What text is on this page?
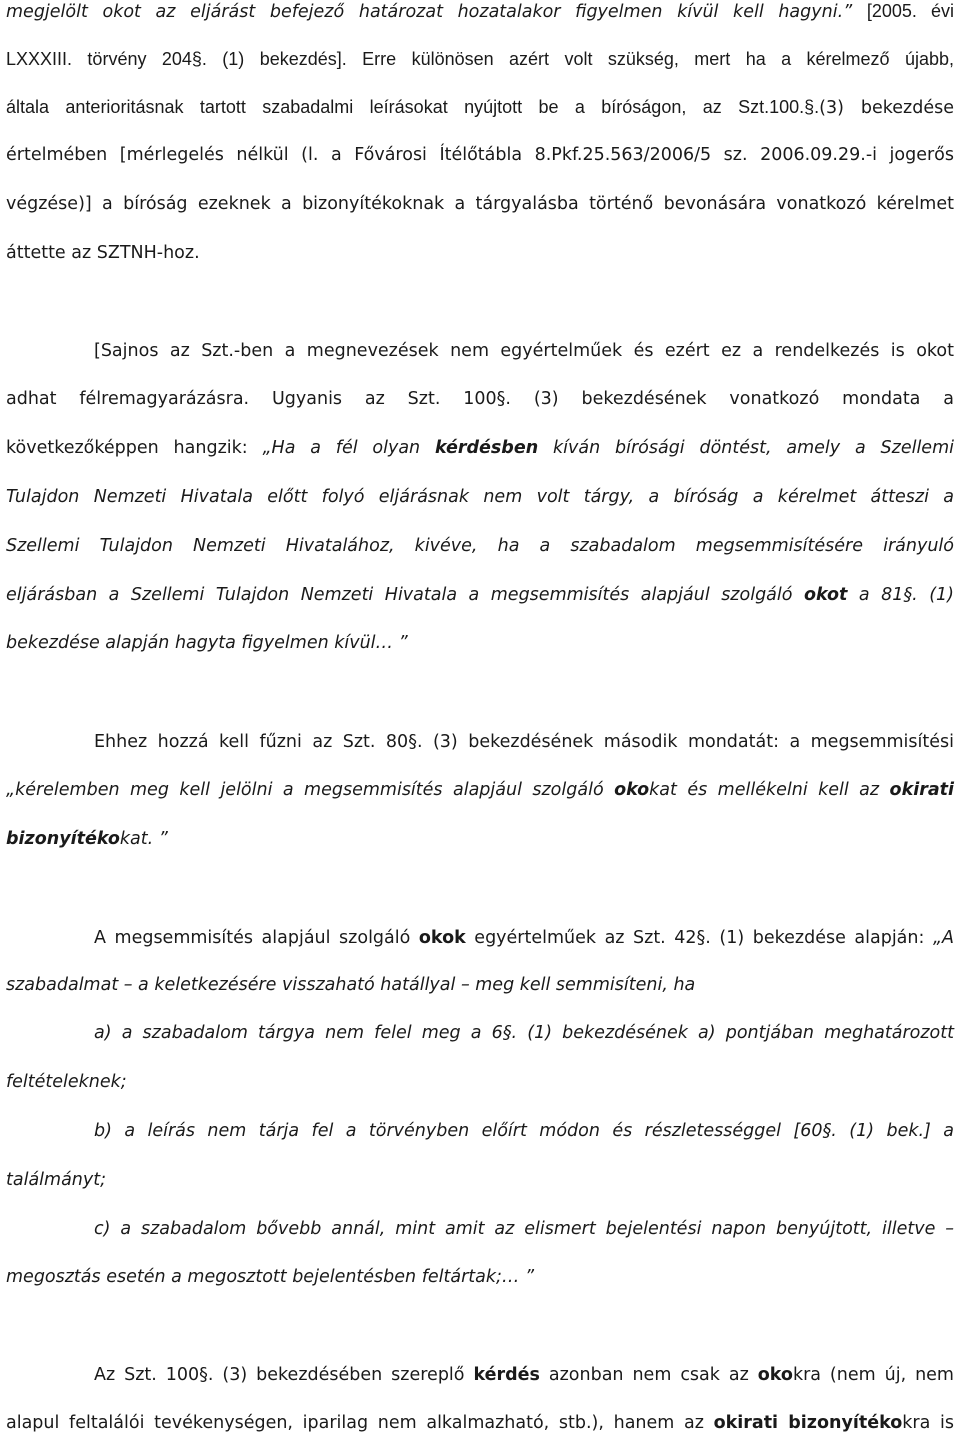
megjelölt okot az eljárást befejező határozat hozatalakor figyelmen kívül kell hagyni.” [2005. évi
LXXXIII. törvény 204§. (1) bekezdés]. Erre különösen azért volt szükség, mert ha a kérelmező újabb,
általa anterioritásnak tartott szabadalmi leírásokat nyújtott be a bíróságon, az Szt.100.§.(3) bekezdése
értelmében [mérlegelés nélkül (l. a Fővárosi Ítélőtábla 8.Pkf.25.563/2006/5 sz. 2006.09.29.-i jogerős
végzése)] a bíróság ezeknek a bizonyítékoknak a tárgyalásba történő bevonására vonatkozó kérelmet
áttette az SZTNH-hoz.
[Sajnos az Szt.-ben a megnevezések nem egyértelműek és ezért ez a rendelkezés is okot
adhat félremagyarázásra. Ugyanis az Szt. 100§. (3) bekezdésének vonatkozó mondata a
következőképpen hangzik: „Ha a fél olyan kérdésben kíván bírósági döntést, amely a Szellemi
Tulajdon Nemzeti Hivatala előtt folyó eljárásnak nem volt tárgy, a bíróság a kérelmet átteszi a
Szellemi Tulajdon Nemzeti Hivatalához, kivéve, ha a szabadalom megsemmisítésére irányuló
eljárásban a Szellemi Tulajdon Nemzeti Hivatala a megsemmisítés alapjául szolgáló okot a 81§. (1)
bekezdése alapján hagyta figyelmen kívül… ”
Ehhez hozzá kell fűzni az Szt. 80§. (3) bekezdésének második mondatát: a megsemmisítési
„kérelemben meg kell jelölni a megsemmisítés alapjául szolgáló okokat és mellékelni kell az okirati
bizonyítékokat. ”
A megsemmisítés alapjául szolgáló okok egyértelműek az Szt. 42§. (1) bekezdése alapján: „A
szabadalmat – a keletkezésére visszaható hatállyal – meg kell semmisíteni, ha
a) a szabadalom tárgya nem felel meg a 6§. (1) bekezdésének a) pontjában meghatározott
feltételeknek;
b) a leírás nem tárja fel a törvényben előírt módon és részletességgel [60§. (1) bek.] a
találmányt;
c) a szabadalom bővebb annál, mint amit az elismert bejelentési napon benyújtott, illetve –
megosztás esetén a megosztott bejelentésben feltártak;… ”
Az Szt. 100§. (3) bekezdésében szereplő kérdés azonban nem csak az okokra (nem új, nem
alapul feltalálói tevékenységen, iparilag nem alkalmazható, stb.), hanem az okirati bizonyítékokra is
